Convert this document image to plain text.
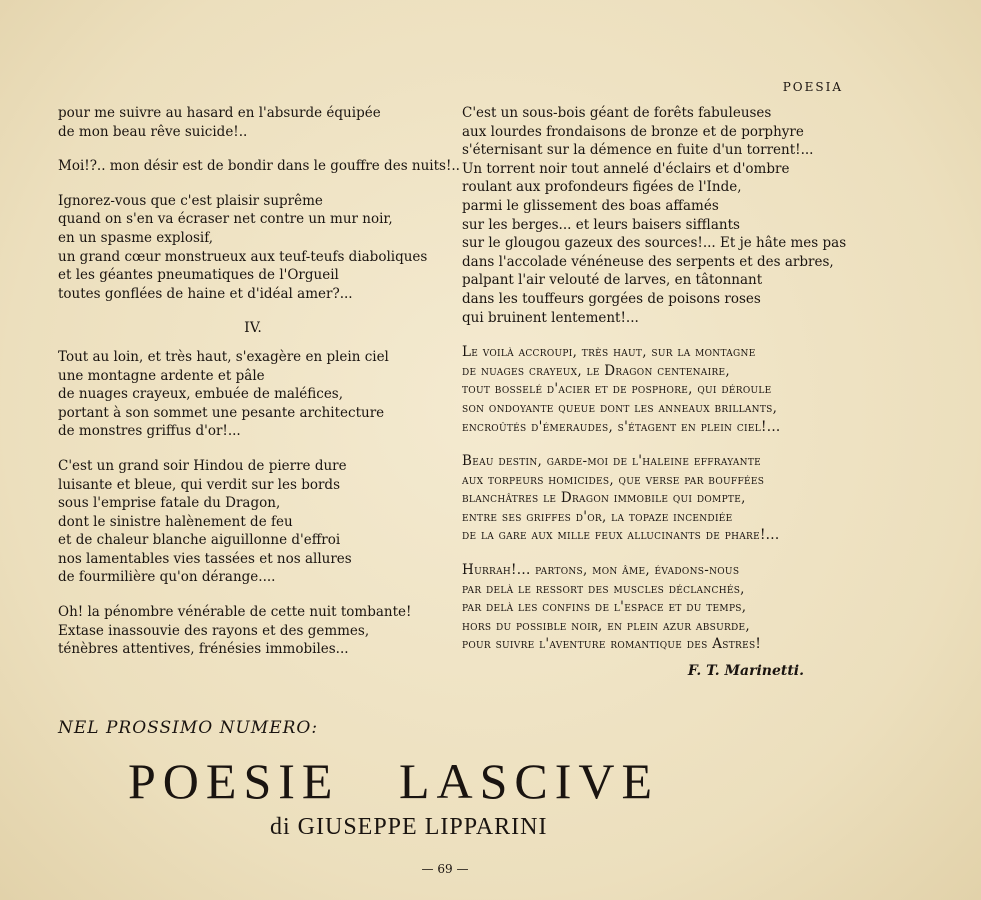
POESIA
pour me suivre au hasard en l'absurde équipée
de mon beau rêve suicide!..
Moi!?.. mon désir est de bondir dans le gouffre des nuits!..
Ignorez-vous que c'est plaisir suprême
quand on s'en va écraser net contre un mur noir,
en un spasme explosif,
un grand cœur monstrueux aux teuf-teufs diaboliques
et les géantes pneumatiques de l'Orgueil
toutes gonflées de haine et d'idéal amer?...
IV.
Tout au loin, et très haut, s'exagère en plein ciel
une montagne ardente et pâle
de nuages crayeux, embuée de maléfices,
portant à son sommet une pesante architecture
de monstres griffus d'or!...
C'est un grand soir Hindou de pierre dure
luisante et bleue, qui verdit sur les bords
sous l'emprise fatale du Dragon,
dont le sinistre halènement de feu
et de chaleur blanche aiguillonne d'effroi
nos lamentables vies tassées et nos allures
de fourmilière qu'on dérange....
Oh! la pénombre vénérable de cette nuit tombante!
Extase inassouvie des rayons et des gemmes,
ténèbres attentives, frénésies immobiles...
C'est un sous-bois géant de forêts fabuleuses
aux lourdes frondaisons de bronze et de porphyre
s'éternisant sur la démence en fuite d'un torrent!...
Un torrent noir tout annelé d'éclairs et d'ombre
roulant aux profondeurs figées de l'Inde,
parmi le glissement des boas affamés
sur les berges... et leurs baisers sifflants
sur le glougou gazeux des sources!... Et je hâte mes pas
dans l'accolade vénéneuse des serpents et des arbres,
palpant l'air velouté de larves, en tâtonnant
dans les touffeurs gorgées de poisons roses
qui bruinent lentement!...
Le voilà accroupi, très haut, sur la montagne
de nuages crayeux, le Dragon centenaire,
tout bosselé d'acier et de posphore, qui déroule
son ondoyante queue dont les anneaux brillants,
encroûtés d'émeraudes, s'étagent en plein ciel!...
Beau destin, garde-moi de l'haleine effrayante
aux torpeurs homicides, que verse par bouffées
blanchâtres le Dragon immobile qui dompte,
entre ses griffes d'or, la topaze incendiée
de la gare aux mille feux allucinants de phare!...
Hurrah!... partons, mon âme, évadons-nous
par delà le ressort des muscles déclanchés,
par delà les confins de l'espace et du temps,
hors du possible noir, en plein azur absurde,
pour suivre l'aventure romantique des Astres!
F. T. Marinetti.
NEL PROSSIMO NUMERO:
POESIE LASCIVE
di GIUSEPPE LIPPARINI
— 69 —
